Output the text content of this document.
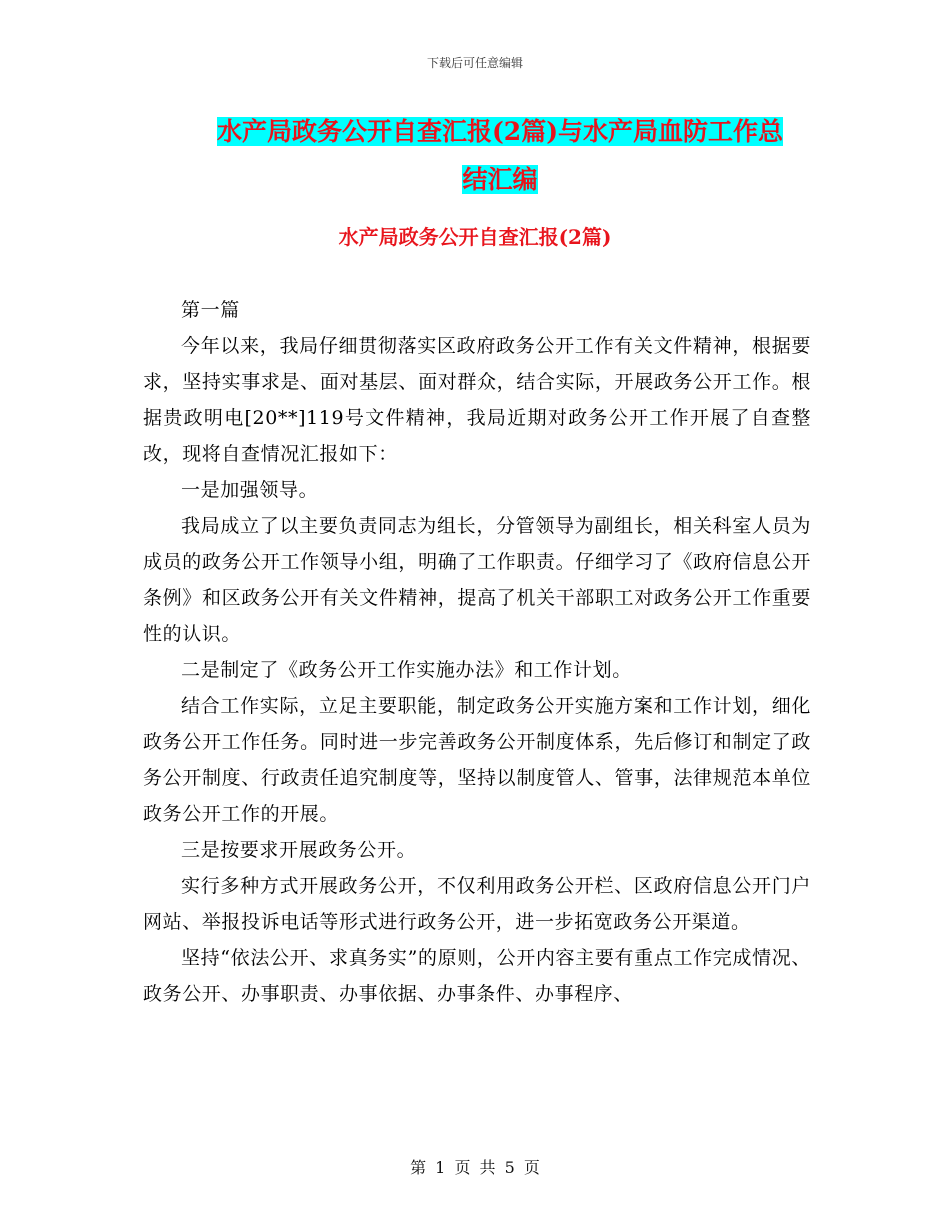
下载后可任意编辑
水产局政务公开自查汇报(2篇)与水产局血防工作总
结汇编
水产局政务公开自查汇报(2篇)

第一篇

今年以来，我局仔细贯彻落实区政府政务公开工作有关文件精神，根据要求，坚持实事求是、面对基层、面对群众，结合实际，开展政务公开工作。根据贵政明电[20**]119号文件精神，我局近期对政务公开工作开展了自查整改，现将自查情况汇报如下：

一是加强领导。

我局成立了以主要负责同志为组长，分管领导为副组长，相关科室人员为成员的政务公开工作领导小组，明确了工作职责。仔细学习了《政府信息公开条例》和区政务公开有关文件精神，提高了机关干部职工对政务公开工作重要性的认识。

二是制定了《政务公开工作实施办法》和工作计划。

结合工作实际，立足主要职能，制定政务公开实施方案和工作计划，细化政务公开工作任务。同时进一步完善政务公开制度体系，先后修订和制定了政务公开制度、行政责任追究制度等，坚持以制度管人、管事，法律规范本单位政务公开工作的开展。

三是按要求开展政务公开。

实行多种方式开展政务公开，不仅利用政务公开栏、区政府信息公开门户网站、举报投诉电话等形式进行政务公开，进一步拓宽政务公开渠道。

坚持“依法公开、求真务实”的原则，公开内容主要有重点工作完成情况、政务公开、办事职责、办事依据、办事条件、办事程序、

第 1 页 共 5 页
